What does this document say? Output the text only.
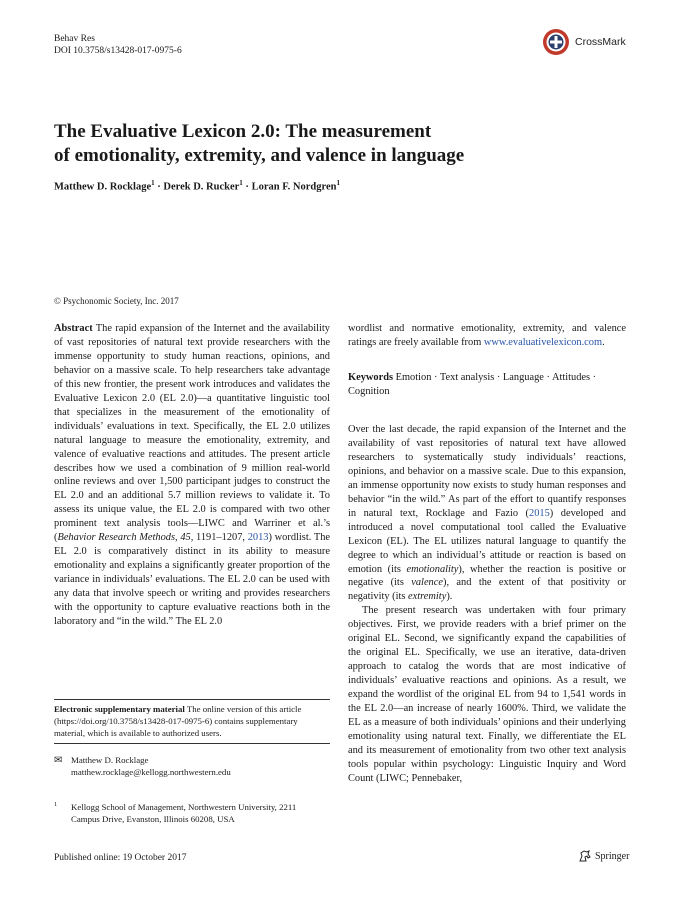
Behav Res
DOI 10.3758/s13428-017-0975-6
CrossMark
The Evaluative Lexicon 2.0: The measurement
of emotionality, extremity, and valence in language
Matthew D. Rocklage$^1$ · Derek D. Rucker$^1$ · Loran F. Nordgren$^1$
© Psychonomic Society, Inc. 2017
Abstract The rapid expansion of the Internet and the availability of vast repositories of natural text provide researchers with the immense opportunity to study human reactions, opinions, and behavior on a massive scale. To help researchers take advantage of this new frontier, the present work introduces and validates the Evaluative Lexicon 2.0 (EL 2.0)—a quantitative linguistic tool that specializes in the measurement of the emotionality of individuals’ evaluations in text. Specifically, the EL 2.0 utilizes natural language to measure the emotionality, extremity, and valence of evaluative reactions and attitudes. The present article describes how we used a combination of 9 million real-world online reviews and over 1,500 participant judges to construct the EL 2.0 and an additional 5.7 million reviews to validate it. To assess its unique value, the EL 2.0 is compared with two other prominent text analysis tools—LIWC and Warriner et al.’s (Behavior Research Methods, 45, 1191–1207, 2013) wordlist. The EL 2.0 is comparatively distinct in its ability to measure emotionality and explains a significantly greater proportion of the variance in individuals’ evaluations. The EL 2.0 can be used with any data that involve speech or writing and provides researchers with the opportunity to capture evaluative reactions both in the laboratory and “in the wild.” The EL 2.0
wordlist and normative emotionality, extremity, and valence ratings are freely available from www.evaluativelexicon.com.
Keywords Emotion · Text analysis · Language · Attitudes · Cognition

Over the last decade, the rapid expansion of the Internet and the availability of vast repositories of natural text have allowed researchers to systematically study individuals’ reactions, opinions, and behavior on a massive scale. Due to this expansion, an immense opportunity now exists to study human responses and behavior “in the wild.” As part of the effort to quantify responses in natural text, Rocklage and Fazio (2015) developed and introduced a novel computational tool called the Evaluative Lexicon (EL). The EL utilizes natural language to quantify the degree to which an individual’s attitude or reaction is based on emotion (its emotionality), whether the reaction is positive or negative (its valence), and the extent of that positivity or negativity (its extremity).

The present research was undertaken with four primary objectives. First, we provide readers with a brief primer on the original EL. Second, we significantly expand the capabilities of the original EL. Specifically, we use an iterative, data-driven approach to catalog the words that are most indicative of individuals’ evaluative reactions and opinions. As a result, we expand the wordlist of the original EL from 94 to 1,541 words in the EL 2.0—an increase of nearly 1600%. Third, we validate the EL as a measure of both individuals’ opinions and their underlying emotionality using natural text. Finally, we differentiate the EL and its measurement of emotionality from two other text analysis tools popular within psychology: Linguistic Inquiry and Word Count (LIWC; Pennebaker,

Electronic supplementary material The online version of this article (https://doi.org/10.3758/s13428-017-0975-6) contains supplementary material, which is available to authorized users.
✉ Matthew D. Rocklage
matthew.rocklage@kellogg.northwestern.edu
1 Kellogg School of Management, Northwestern University, 2211
Campus Drive, Evanston, Illinois 60208, USA
Published online: 19 October 2017	Springer
